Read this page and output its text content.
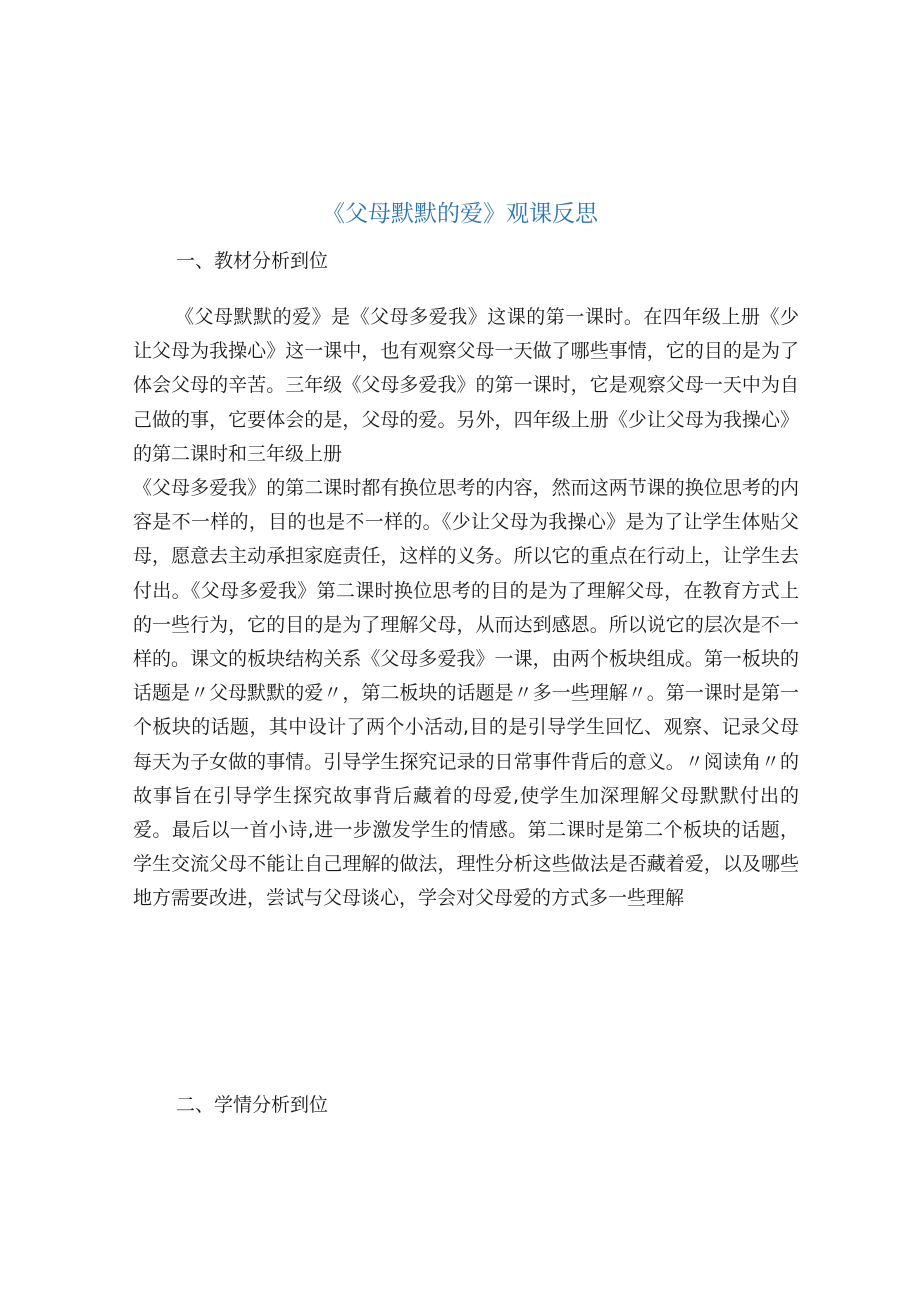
《父母默默的爱》观课反思
一、教材分析到位

《父母默默的爱》是《父母多爱我》这课的第一课时。在四年级上册《少让父母为我操心》这一课中，也有观察父母一天做了哪些事情，它的目的是为了体会父母的辛苦。三年级《父母多爱我》的第一课时，它是观察父母一天中为自己做的事，它要体会的是，父母的爱。另外，四年级上册《少让父母为我操心》的第二课时和三年级上册

《父母多爱我》的第二课时都有换位思考的内容，然而这两节课的换位思考的内容是不一样的，目的也是不一样的。《少让父母为我操心》是为了让学生体贴父母，愿意去主动承担家庭责任，这样的义务。所以它的重点在行动上，让学生去付出。《父母多爱我》第二课时换位思考的目的是为了理解父母，在教育方式上的一些行为，它的目的是为了理解父母，从而达到感恩。所以说它的层次是不一样的。课文的板块结构关系《父母多爱我》一课，由两个板块组成。第一板块的话题是〃父母默默的爱〃，第二板块的话题是〃多一些理解〃。第一课时是第一个板块的话题，其中设计了两个小活动,目的是引导学生回忆、观察、记录父母每天为子女做的事情。引导学生探究记录的日常事件背后的意义。〃阅读角〃的故事旨在引导学生探究故事背后藏着的母爱,使学生加深理解父母默默付出的爱。最后以一首小诗,进一步激发学生的情感。第二课时是第二个板块的话题，学生交流父母不能让自己理解的做法，理性分析这些做法是否藏着爱，以及哪些地方需要改进，尝试与父母谈心，学会对父母爱的方式多一些理解

二、学情分析到位
